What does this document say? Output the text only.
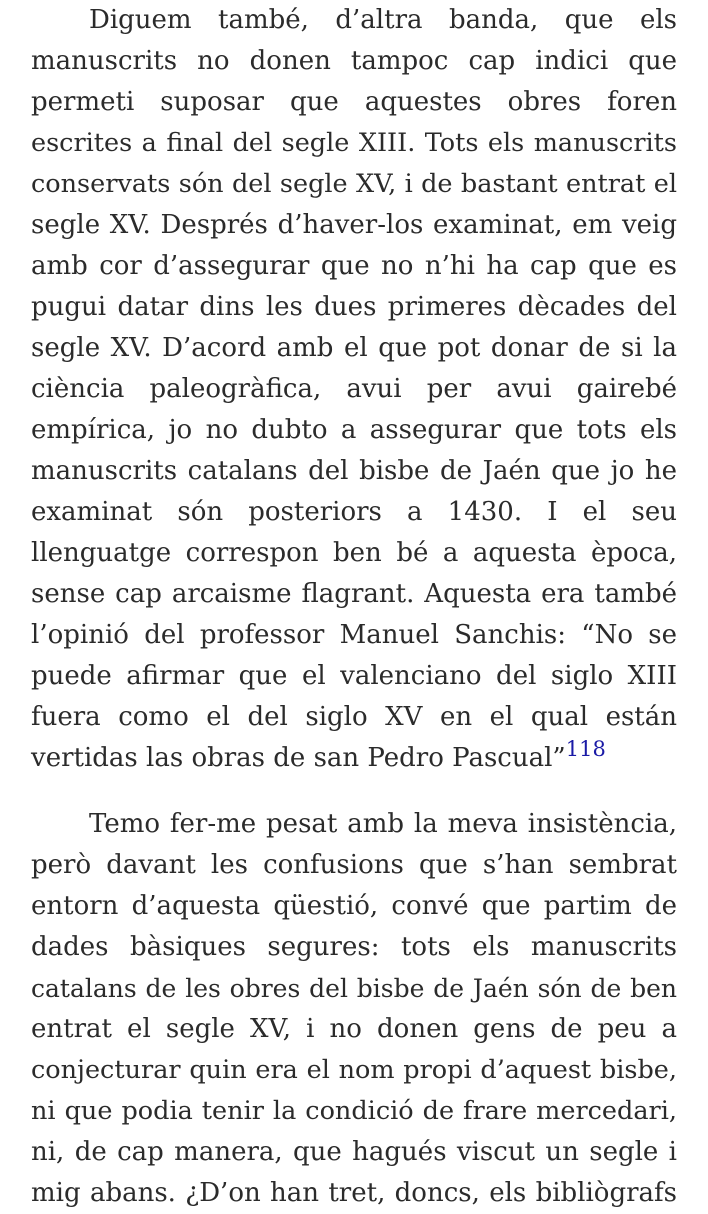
Diguem també, d’altra banda, que els
manuscrits no donen tampoc cap indici que
permeti suposar que aquestes obres foren
escrites a final del segle XIII. Tots els manuscrits
conservats són del segle XV, i de bastant entrat el
segle XV. Després d’haver-los examinat, em veig
amb cor d’assegurar que no n’hi ha cap que es
pugui datar dins les dues primeres dècades del
segle XV. D’acord amb el que pot donar de si la
ciència paleogràfica, avui per avui gairebé
empírica, jo no dubto a assegurar que tots els
manuscrits catalans del bisbe de Jaén que jo he
examinat són posteriors a 1430. I el seu
llenguatge correspon ben bé a aquesta època,
sense cap arcaisme flagrant. Aquesta era també
l’opinió del professor Manuel Sanchis: “No se
puede afirmar que el valenciano del siglo XIII
fuera como el del siglo XV en el qual están
vertidas las obras de san Pedro Pascual”$^{118}$
Temo fer-me pesat amb la meva insistència,
però davant les confusions que s’han sembrat
entorn d’aquesta qüestió, convé que partim de
dades bàsiques segures: tots els manuscrits
catalans de les obres del bisbe de Jaén són de ben
entrat el segle XV, i no donen gens de peu a
conjecturar quin era el nom propi d’aquest bisbe,
ni que podia tenir la condició de frare mercedari,
ni, de cap manera, que hagués viscut un segle i
mig abans. ¿D’on han tret, doncs, els bibliògrafs
